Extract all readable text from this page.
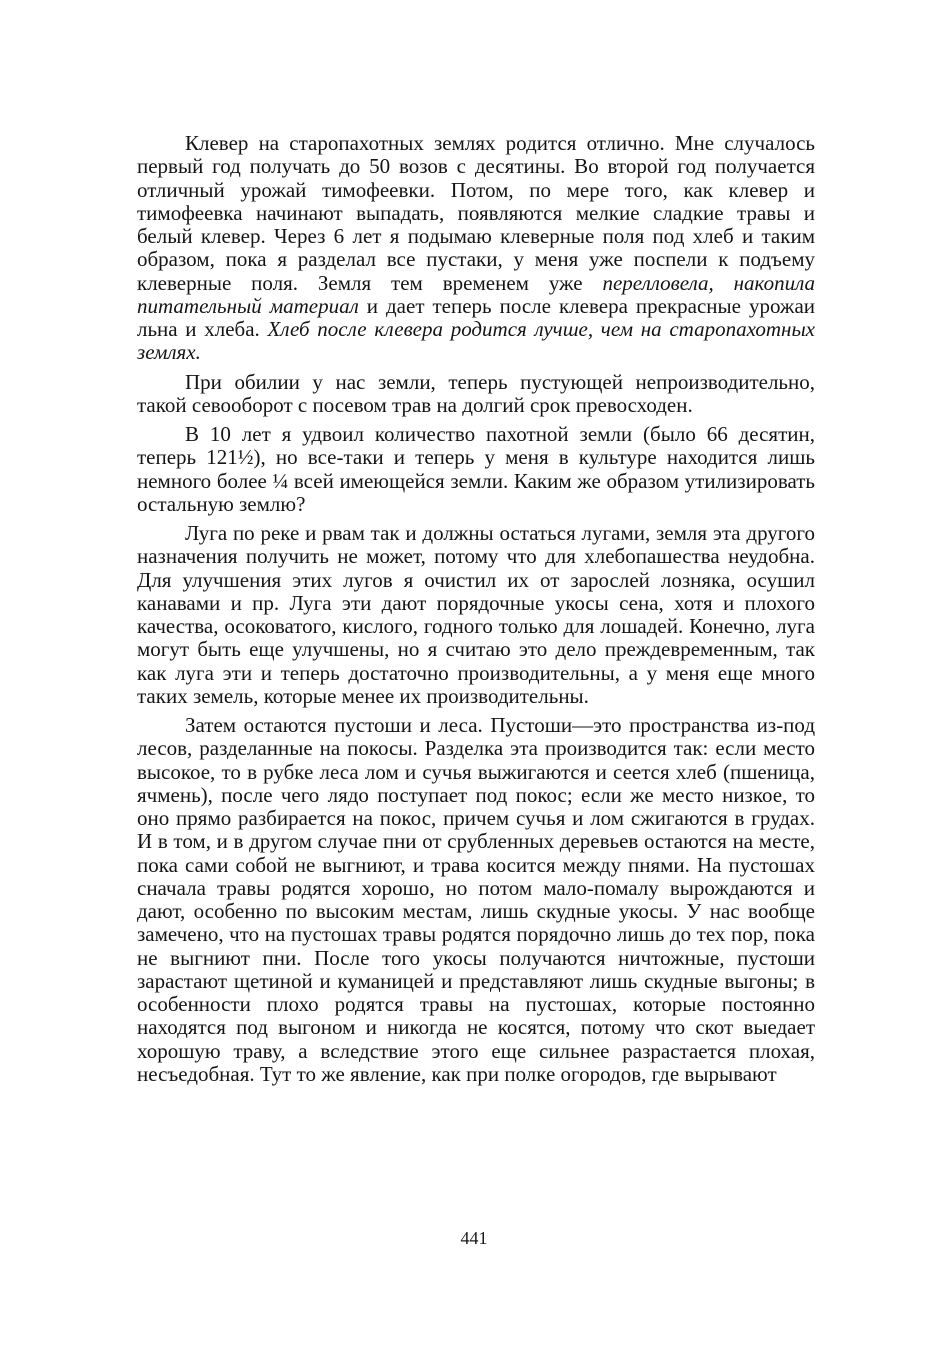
Клевер на старопахотных землях родится отлично. Мне случалось первый год получать до 50 возов с десятины. Во второй год получается отличный урожай тимофеевки. Потом, по мере того, как клевер и тимофеевка начинают выпадать, появляются мелкие сладкие травы и белый клевер. Через 6 лет я подымаю клеверные поля под хлеб и таким образом, пока я разделал все пустаки, у меня уже поспели к подъему клеверные поля. Земля тем временем уже перелловела, накопила питательный материал и дает теперь после клевера прекрасные урожаи льна и хлеба. Хлеб после клевера родится лучше, чем на старопахотных землях.

При обилии у нас земли, теперь пустующей непроизводительно, такой севооборот с посевом трав на долгий срок превосходен.

В 10 лет я удвоил количество пахотной земли (было 66 десятин, теперь 121½), но все-таки и теперь у меня в культуре находится лишь немного более ¼ всей имеющейся земли. Каким же образом утилизировать остальную землю?

Луга по реке и рвам так и должны остаться лугами, земля эта другого назначения получить не может, потому что для хлебопашества неудобна. Для улучшения этих лугов я очистил их от зарослей лозняка, осушил канавами и пр. Луга эти дают порядочные укосы сена, хотя и плохого качества, осоковатого, кислого, годного только для лошадей. Конечно, луга могут быть еще улучшены, но я считаю это дело преждевременным, так как луга эти и теперь достаточно производительны, а у меня еще много таких земель, которые менее их производительны.

Затем остаются пустоши и леса. Пустоши—это пространства из-под лесов, разделанные на покосы. Разделка эта производится так: если место высокое, то в рубке леса лом и сучья выжигаются и сеется хлеб (пшеница, ячмень), после чего лядо поступает под покос; если же место низкое, то оно прямо разбирается на покос, причем сучья и лом сжигаются в грудах. И в том, и в другом случае пни от срубленных деревьев остаются на месте, пока сами собой не выгниют, и трава косится между пнями. На пустошах сначала травы родятся хорошо, но потом мало-помалу вырождаются и дают, особенно по высоким местам, лишь скудные укосы. У нас вообще замечено, что на пустошах травы родятся порядочно лишь до тех пор, пока не выгниют пни. После того укосы получаются ничтожные, пустоши зарастают щетиной и куманицей и представляют лишь скудные выгоны; в особенности плохо родятся травы на пустошах, которые постоянно находятся под выгоном и никогда не косятся, потому что скот выедает хорошую траву, а вследствие этого еще сильнее разрастается плохая, несъедобная. Тут то же явление, как при полке огородов, где вырывают

441
